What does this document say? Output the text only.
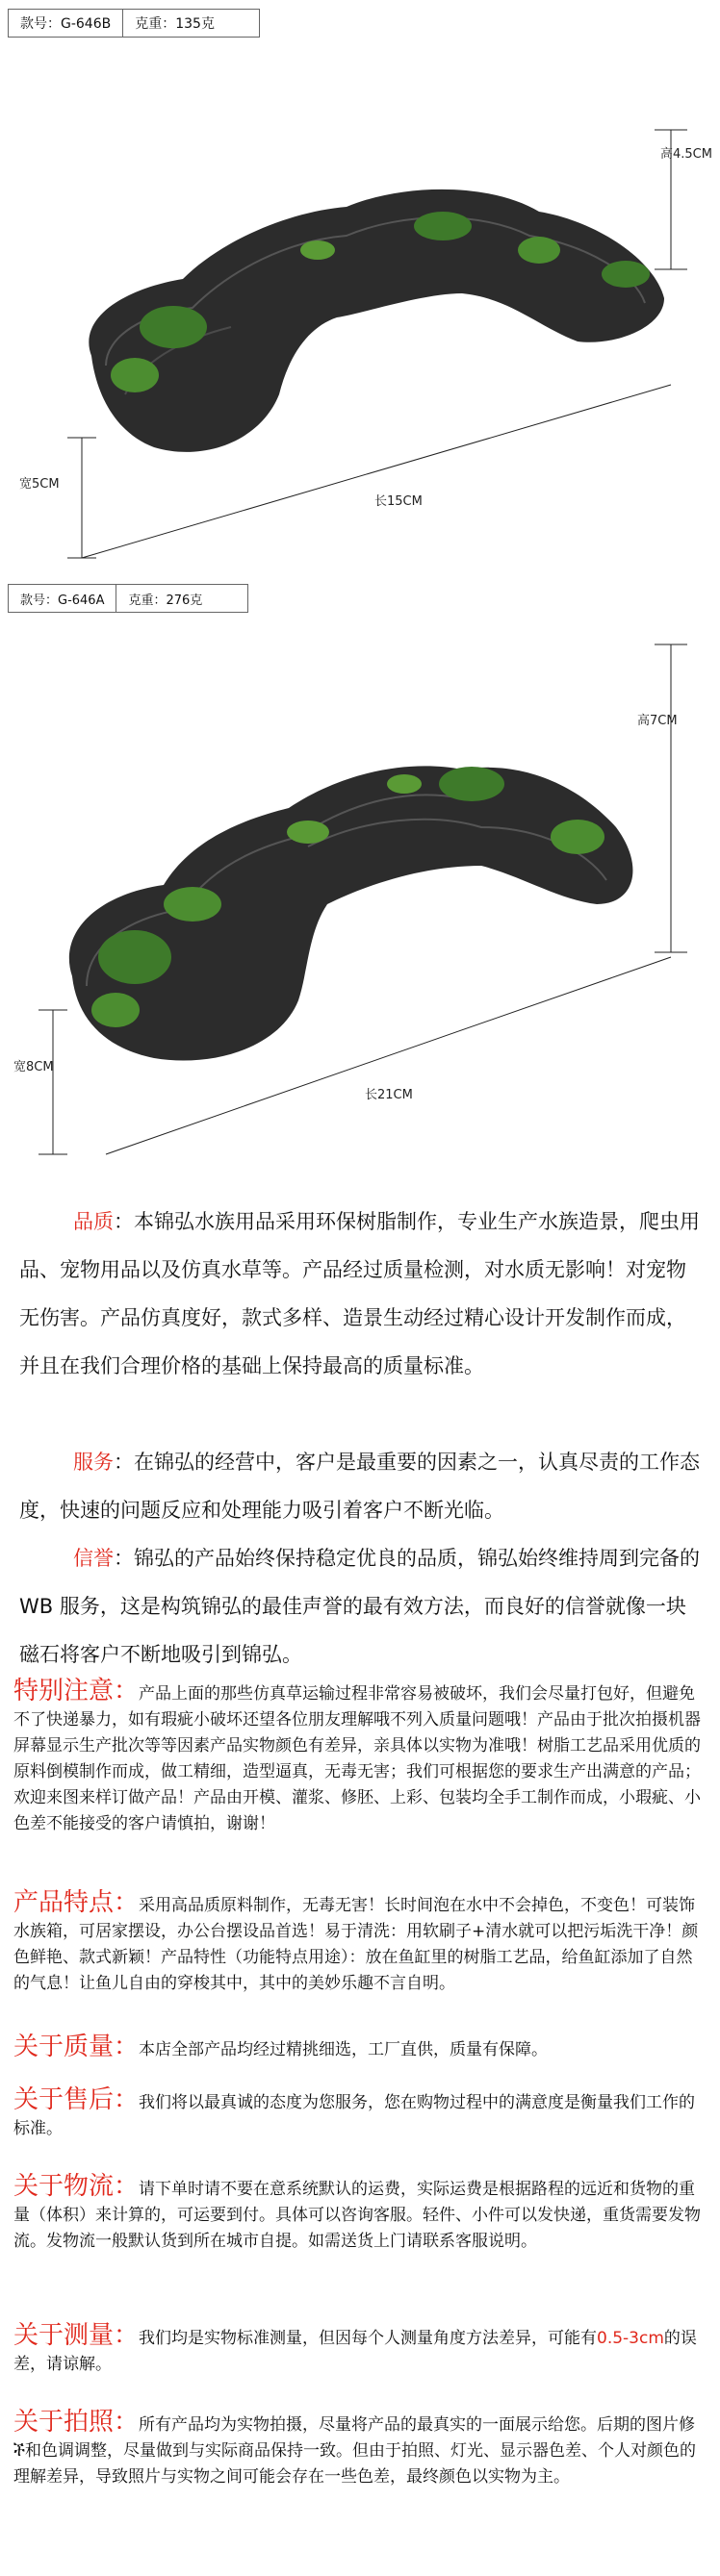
款号：G-646B	克重：135克
高4.5CM
宽5CM
长15CM
款号：G-646A	克重：276克
高7CM
宽8CM
长21CM
品质：本锦弘水族用品采用环保树脂制作，专业生产水族造景，爬虫用品、宠物用品以及仿真水草等。产品经过质量检测，对水质无影响！对宠物无伤害。产品仿真度好，款式多样、造景生动经过精心设计开发制作而成，并且在我们合理价格的基础上保持最高的质量标准。
服务：在锦弘的经营中，客户是最重要的因素之一，认真尽责的工作态度，快速的问题反应和处理能力吸引着客户不断光临。
信誉：锦弘的产品始终保持稳定优良的品质，锦弘始终维持周到完备的 WB 服务，这是构筑锦弘的最佳声誉的最有效方法，而良好的信誉就像一块磁石将客户不断地吸引到锦弘。
特别注意：产品上面的那些仿真草运输过程非常容易被破坏，我们会尽量打包好，但避免不了快递暴力，如有瑕疵小破坏还望各位朋友理解哦不列入质量问题哦！产品由于批次拍摄机器屏幕显示生产批次等等因素产品实物颜色有差异，亲具体以实物为准哦！树脂工艺品采用优质的原料倒模制作而成，做工精细，造型逼真，无毒无害；我们可根据您的要求生产出满意的产品；欢迎来图来样订做产品！产品由开模、灌浆、修胚、上彩、包装均全手工制作而成，小瑕疵、小色差不能接受的客户请慎拍，谢谢！
产品特点：采用高品质原料制作，无毒无害！长时间泡在水中不会掉色，不变色！可装饰水族箱，可居家摆设，办公台摆设品首选！易于清洗：用软刷子+清水就可以把污垢洗干净！颜色鲜艳、款式新颖！产品特性（功能特点用途）：放在鱼缸里的树脂工艺品，给鱼缸添加了自然的气息！让鱼儿自由的穿梭其中，其中的美妙乐趣不言自明。
关于质量：本店全部产品均经过精挑细选，工厂直供，质量有保障。
关于售后：我们将以最真诚的态度为您服务，您在购物过程中的满意度是衡量我们工作的标准。
关于物流：请下单时请不要在意系统默认的运费，实际运费是根据路程的远近和货物的重量（体积）来计算的，可运要到付。具体可以咨询客服。轻件、小件可以发快递，重货需要发物流。发物流一般默认货到所在城市自提。如需送货上门请联系客服说明。
关于测量：我们均是实物标准测量，但因每个人测量角度方法差异，可能有0.5-3cm的误差，请谅解。
关于拍照：所有产品均为实物拍摄，尽量将产品的最真实的一面展示给您。后期的图片修ች和色调调整，尽量做到与实际商品保持一致。但由于拍照、灯光、显示器色差、个人对颜色的理解差异，导致照片与实物之间可能会存在一些色差，最终颜色以实物为主。
